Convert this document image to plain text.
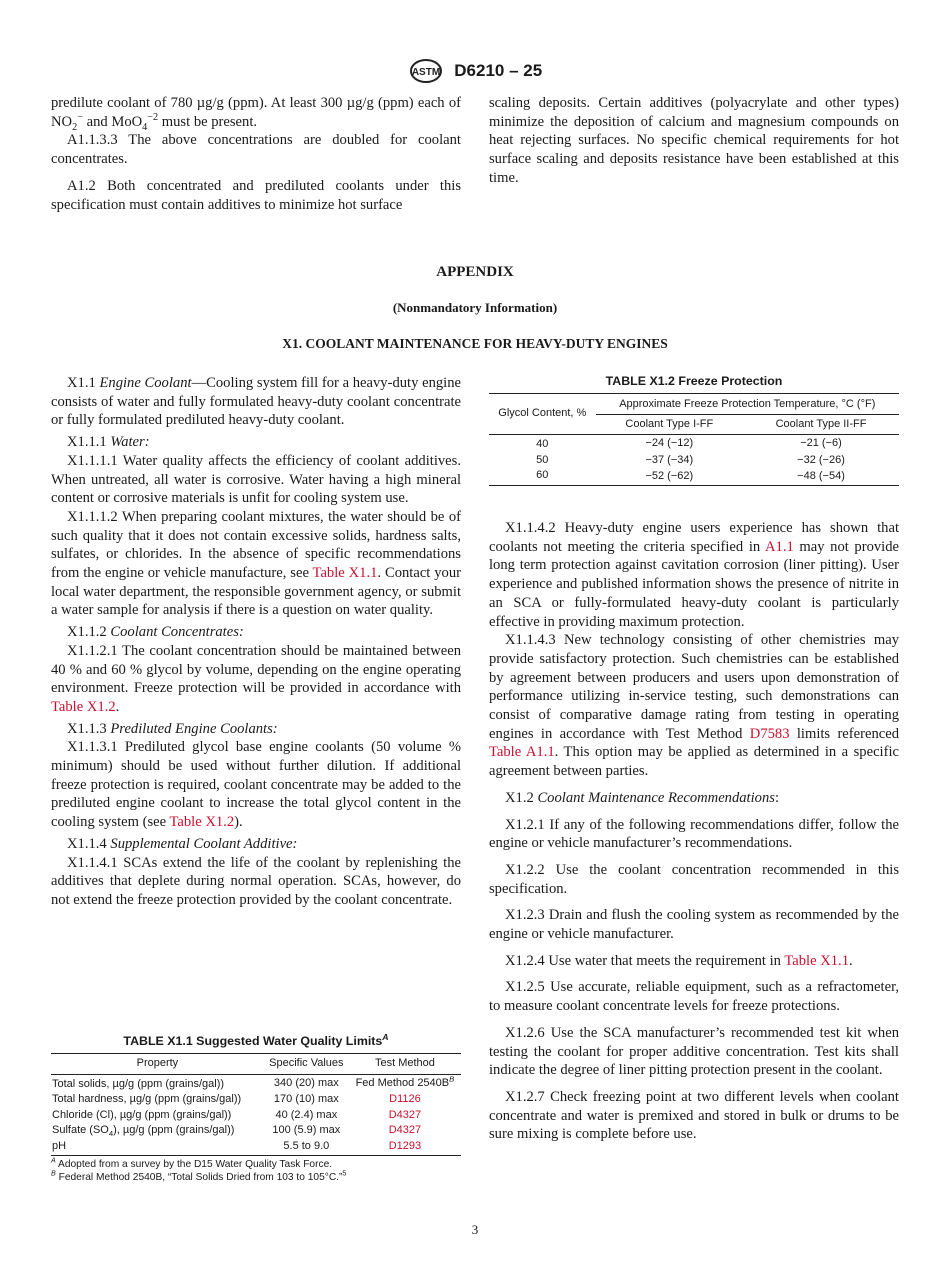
ASTM D6210 – 25

predilute coolant of 780 µg/g (ppm). At least 300 µg/g (ppm) each of $NO_2^-$ and MoO$_4^{-2}$ must be present.

A1.1.3.3 The above concentrations are doubled for coolant concentrates.

A1.2 Both concentrated and prediluted coolants under this specification must contain additives to minimize hot surface

scaling deposits. Certain additives (polyacrylate and other types) minimize the deposition of calcium and magnesium compounds on heat rejecting surfaces. No specific chemical requirements for hot surface scaling and deposits resistance have been established at this time.

APPENDIX
(Nonmandatory Information)
X1. COOLANT MAINTENANCE FOR HEAVY-DUTY ENGINES

X1.1 Engine Coolant—Cooling system fill for a heavy-duty engine consists of water and fully formulated heavy-duty coolant concentrate or fully formulated prediluted heavy-duty coolant.

X1.1.1 Water:

X1.1.1.1 Water quality affects the efficiency of coolant additives. When untreated, all water is corrosive. Water having a high mineral content or corrosive materials is unfit for cooling system use.

X1.1.1.2 When preparing coolant mixtures, the water should be of such quality that it does not contain excessive solids, hardness salts, sulfates, or chlorides. In the absence of specific recommendations from the engine or vehicle manufacture, see Table X1.1. Contact your local water department, the responsible government agency, or submit a water sample for analysis if there is a question on water quality.

X1.1.2 Coolant Concentrates:

X1.1.2.1 The coolant concentration should be maintained between 40 % and 60 % glycol by volume, depending on the engine operating environment. Freeze protection will be provided in accordance with Table X1.2.

X1.1.3 Prediluted Engine Coolants:

X1.1.3.1 Prediluted glycol base engine coolants (50 volume % minimum) should be used without further dilution. If additional freeze protection is required, coolant concentrate may be added to the prediluted engine coolant to increase the total glycol content in the cooling system (see Table X1.2).

X1.1.4 Supplemental Coolant Additive:

X1.1.4.1 SCAs extend the life of the coolant by replenishing the additives that deplete during normal operation. SCAs, however, do not extend the freeze protection provided by the coolant concentrate.

TABLE X1.1 Suggested Water Quality Limits$^A$
Property	Specific Values	Test Method
Total solids, µg/g (ppm (grains/gal))	340 (20) max	Fed Method $2540B^B$
Total hardness, µg/g (ppm (grains/gal))	170 (10) max	D1126
Chloride (Cl), µg/g (ppm (grains/gal))	40 (2.4) max	D4327
Sulfate $(SO_4)$, µg/g (ppm (grains/gal))	100 (5.9) max	D4327
pH	5.5 to 9.0	D1293
$^A$ Adopted from a survey by the D15 Water Quality Task Force.
$^B$ Federal Method 2540B, “Total Solids Dried from 103 to 105°C.”$^5$
TABLE X1.2 Freeze Protection
Glycol Content, %	Approximate Freeze Protection Temperature, °C (°F)	
	Coolant Type I-FF	Coolant Type II-FF
40	−24 (−12)	−21 (−6)
50	−37 (−34)	−32 (−26)
60	−52 (−62)	−48 (−54)

X1.1.4.2 Heavy-duty engine users experience has shown that coolants not meeting the criteria specified in A1.1 may not provide long term protection against cavitation corrosion (liner pitting). User experience and published information shows the presence of nitrite in an SCA or fully-formulated heavy-duty coolant is particularly effective in providing maximum protection.

X1.1.4.3 New technology consisting of other chemistries may provide satisfactory protection. Such chemistries can be established by agreement between producers and users upon demonstration of performance utilizing in-service testing, such demonstrations can consist of comparative damage rating from testing in operating engines in accordance with Test Method D7583 limits referenced Table A1.1. This option may be applied as determined in a specific agreement between parties.

X1.2 Coolant Maintenance Recommendations:

X1.2.1 If any of the following recommendations differ, follow the engine or vehicle manufacturer’s recommendations.

X1.2.2 Use the coolant concentration recommended in this specification.

X1.2.3 Drain and flush the cooling system as recommended by the engine or vehicle manufacturer.

X1.2.4 Use water that meets the requirement in Table X1.1.

X1.2.5 Use accurate, reliable equipment, such as a refractometer, to measure coolant concentrate levels for freeze protections.

X1.2.6 Use the SCA manufacturer’s recommended test kit when testing the coolant for proper additive concentration. Test kits shall indicate the degree of liner pitting protection present in the coolant.

X1.2.7 Check freezing point at two different levels when coolant concentrate and water is premixed and stored in bulk or drums to be sure mixing is complete before use.

3
